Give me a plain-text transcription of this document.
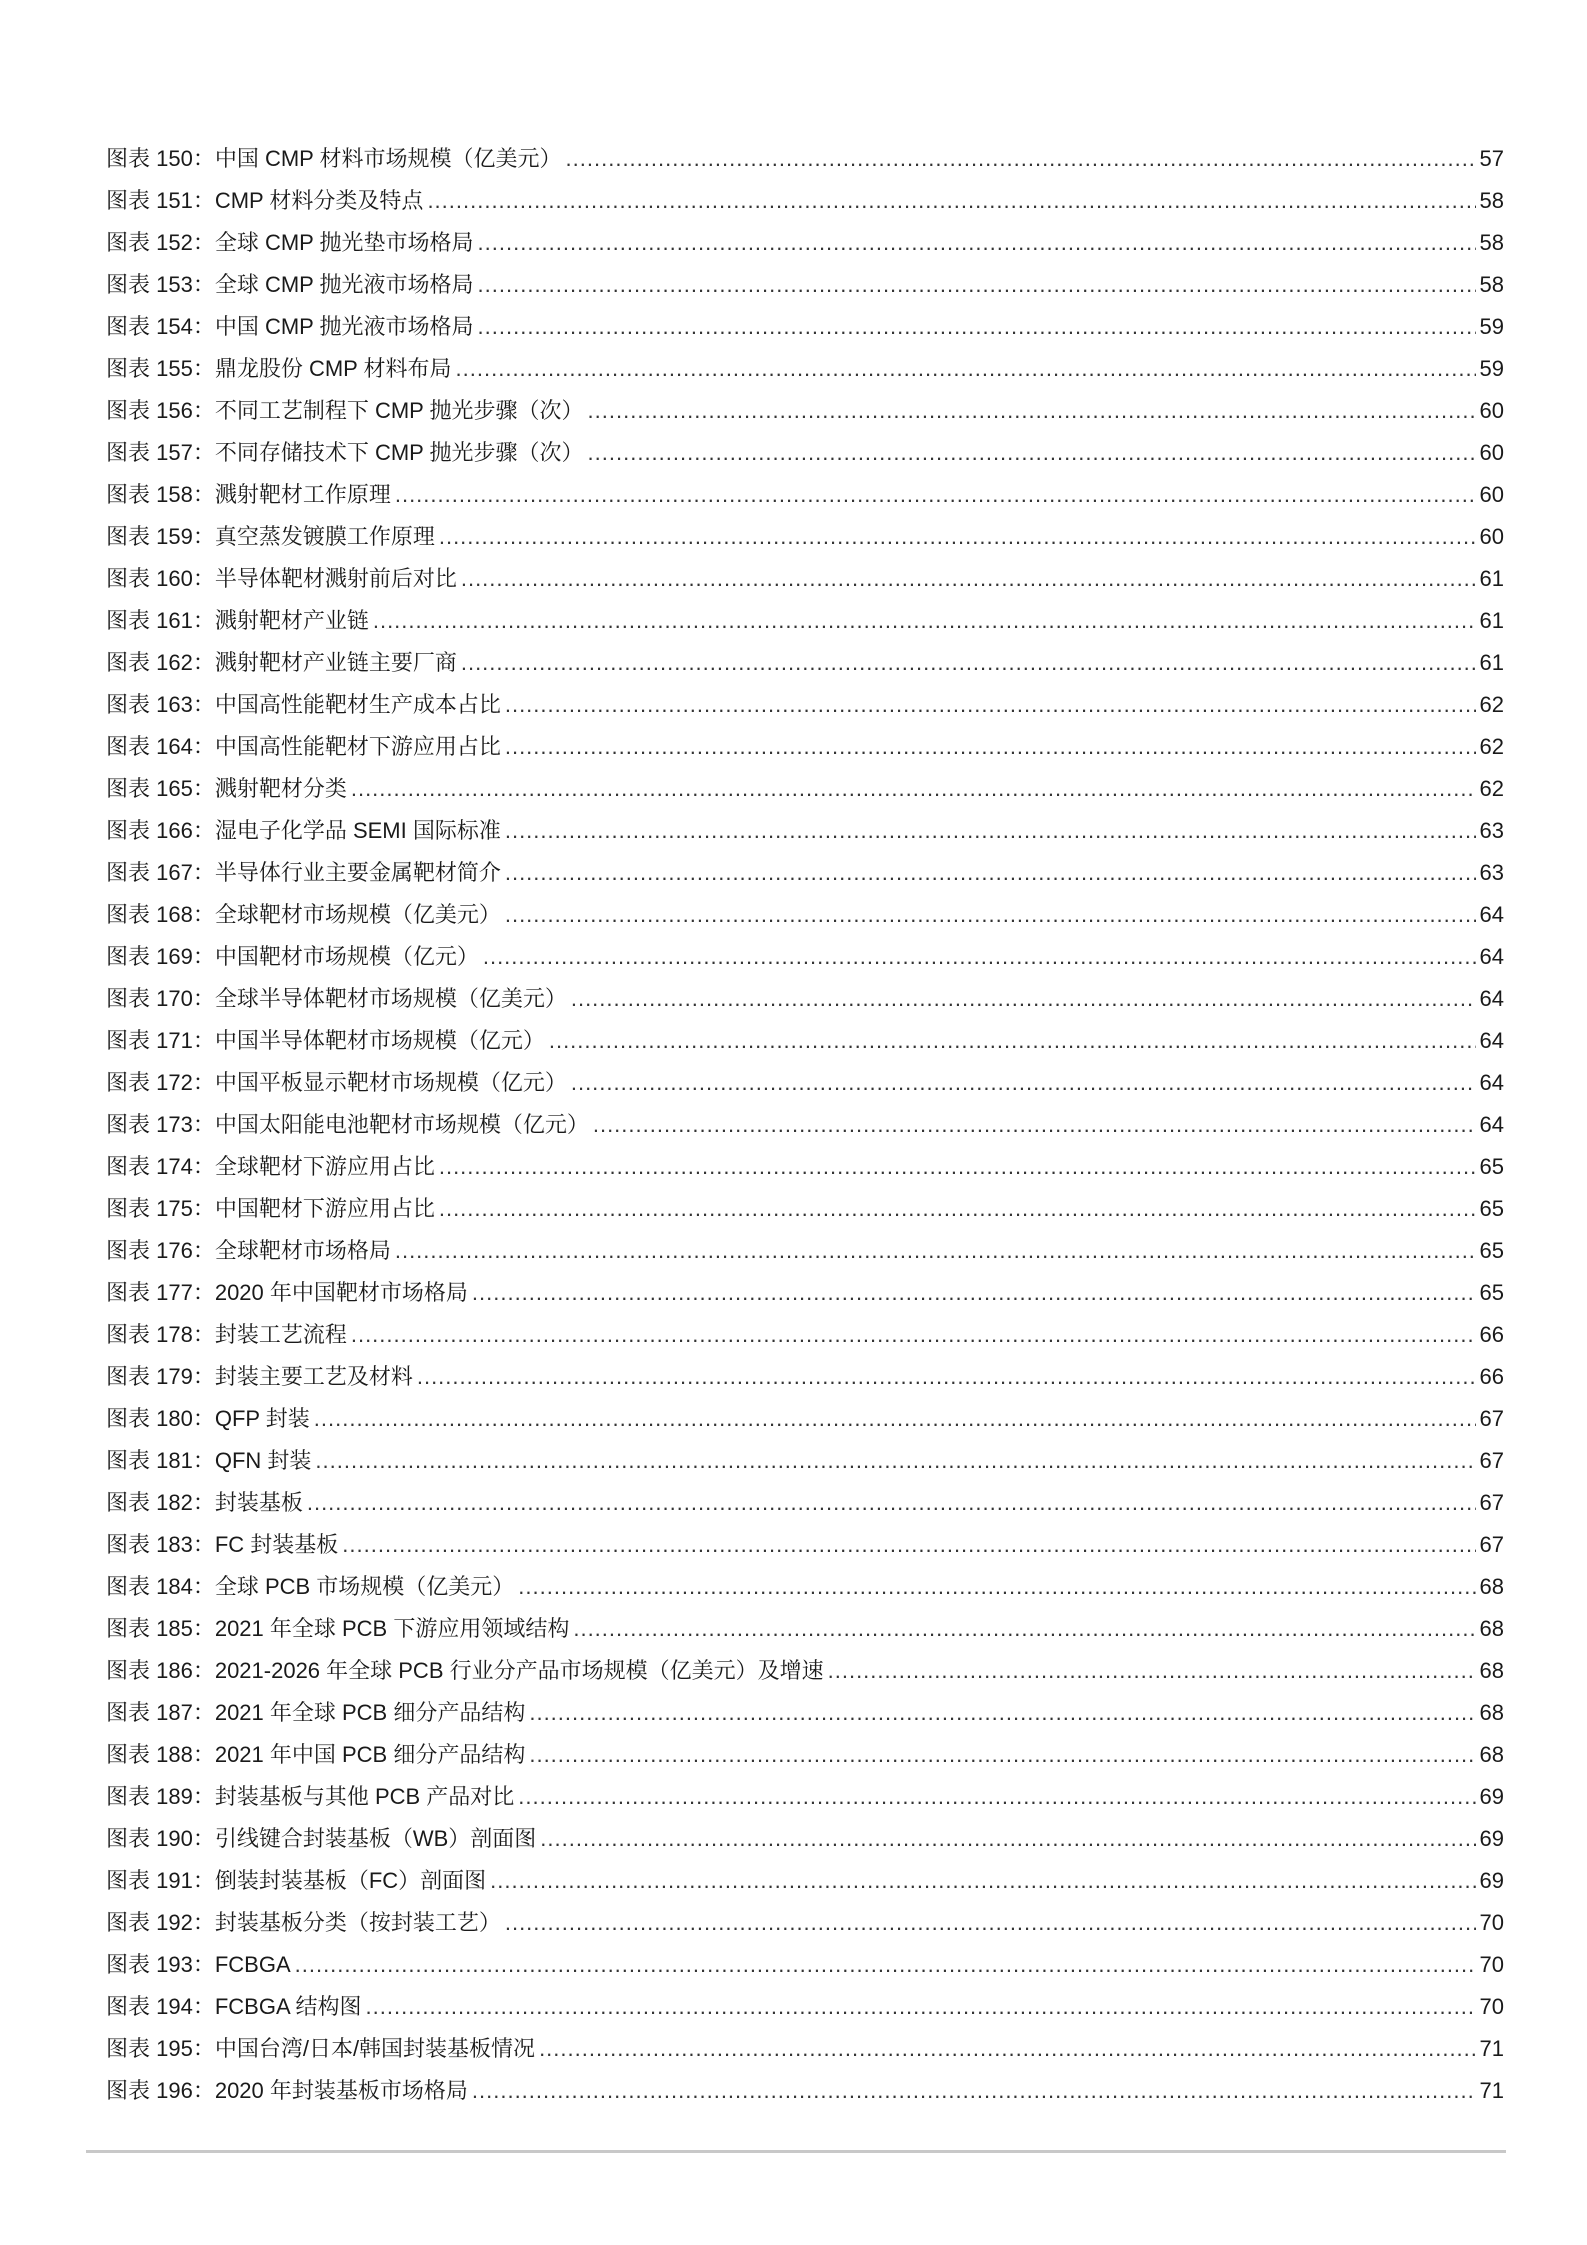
图表 150： 中国 CMP 材料市场规模（亿美元） .....	57
图表 151： CMP 材料分类及特点 .....	58
图表 152： 全球 CMP 抛光垫市场格局 .....	58
图表 153： 全球 CMP 抛光液市场格局 .....	58
图表 154： 中国 CMP 抛光液市场格局 .....	59
图表 155： 鼎龙股份 CMP 材料布局 .....	59
图表 156： 不同工艺制程下 CMP 抛光步骤（次） .....	60
图表 157： 不同存储技术下 CMP 抛光步骤（次） .....	60
图表 158： 溅射靶材工作原理 .....	60
图表 159： 真空蒸发镀膜工作原理 .....	60
图表 160： 半导体靶材溅射前后对比 .....	61
图表 161： 溅射靶材产业链 .....	61
图表 162： 溅射靶材产业链主要厂商 .....	61
图表 163： 中国高性能靶材生产成本占比 .....	62
图表 164： 中国高性能靶材下游应用占比 .....	62
图表 165： 溅射靶材分类 .....	62
图表 166： 湿电子化学品 SEMI 国际标准 .....	63
图表 167： 半导体行业主要金属靶材简介 .....	63
图表 168： 全球靶材市场规模（亿美元） .....	64
图表 169： 中国靶材市场规模（亿元） .....	64
图表 170： 全球半导体靶材市场规模（亿美元） .....	64
图表 171： 中国半导体靶材市场规模（亿元） .....	64
图表 172： 中国平板显示靶材市场规模（亿元） .....	64
图表 173： 中国太阳能电池靶材市场规模（亿元） .....	64
图表 174： 全球靶材下游应用占比 .....	65
图表 175： 中国靶材下游应用占比 .....	65
图表 176： 全球靶材市场格局 .....	65
图表 177： 2020 年中国靶材市场格局 .....	65
图表 178： 封装工艺流程 .....	66
图表 179： 封装主要工艺及材料 .....	66
图表 180： QFP 封装 .....	67
图表 181： QFN 封装 .....	67
图表 182： 封装基板 .....	67
图表 183： FC 封装基板 .....	67
图表 184： 全球 PCB 市场规模（亿美元） .....	68
图表 185： 2021 年全球 PCB 下游应用领域结构 .....	68
图表 186： 2021-2026 年全球 PCB 行业分产品市场规模（亿美元）及增速 .....	68
图表 187： 2021 年全球 PCB 细分产品结构 .....	68
图表 188： 2021 年中国 PCB 细分产品结构 .....	68
图表 189： 封装基板与其他 PCB 产品对比 .....	69
图表 190： 引线键合封装基板（WB）剖面图 .....	69
图表 191： 倒装封装基板（FC）剖面图 .....	69
图表 192： 封装基板分类（按封装工艺） .....	70
图表 193： FCBGA .....	70
图表 194： FCBGA 结构图 .....	70
图表 195： 中国台湾/日本/韩国封装基板情况 .....	71
图表 196： 2020 年封装基板市场格局 .....	71
